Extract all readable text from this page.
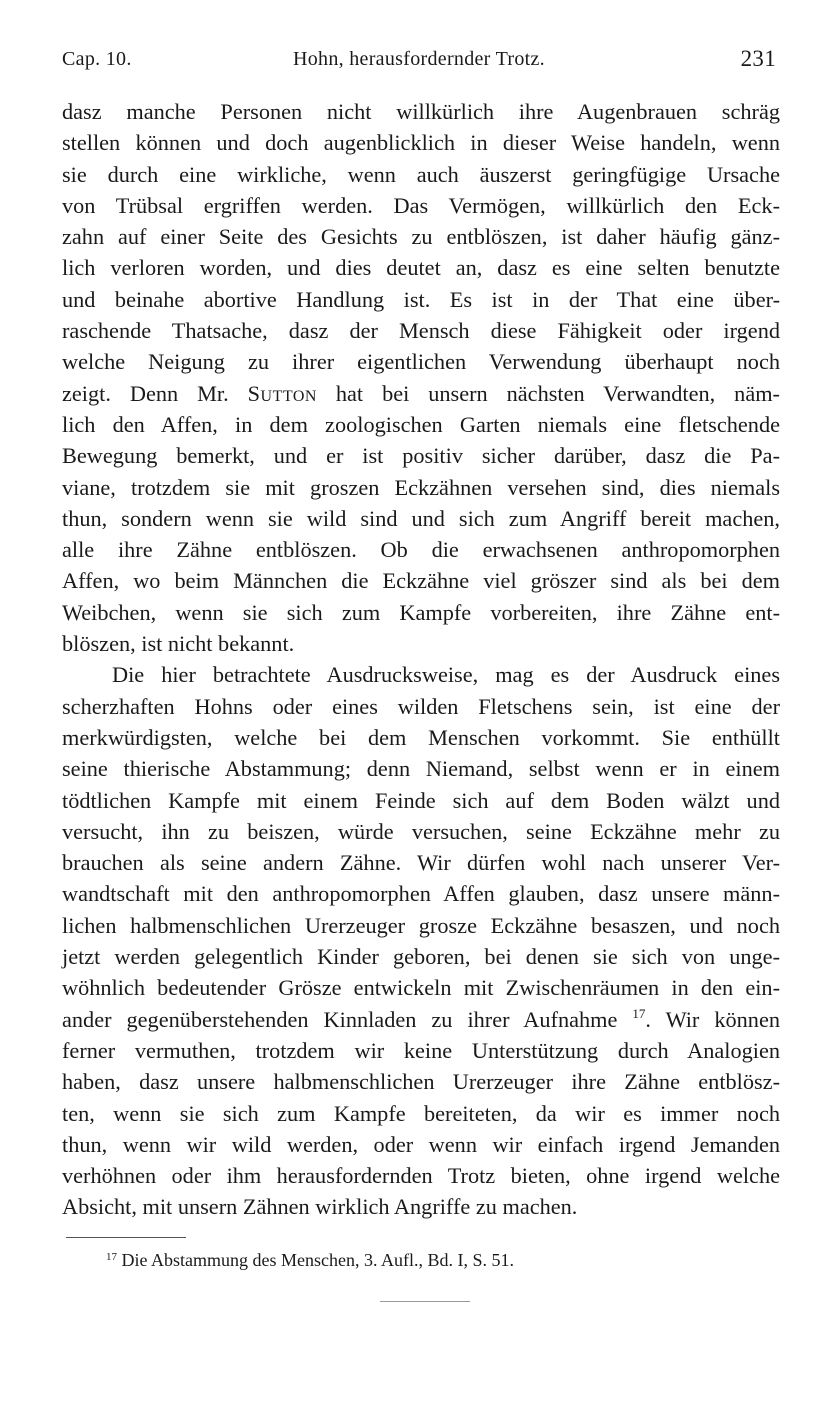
Cap. 10.	Hohn, herausfordernder Trotz.	231

dasz manche Personen nicht willkürlich ihre Augenbrauen schräg
stellen können und doch augenblicklich in dieser Weise handeln, wenn
sie durch eine wirkliche, wenn auch äuszerst geringfügige Ursache
von Trübsal ergriffen werden. Das Vermögen, willkürlich den Eck-
zahn auf einer Seite des Gesichts zu entblöszen, ist daher häufig gänz-
lich verloren worden, und dies deutet an, dasz es eine selten benutzte
und beinahe abortive Handlung ist. Es ist in der That eine über-
raschende Thatsache, dasz der Mensch diese Fähigkeit oder irgend
welche Neigung zu ihrer eigentlichen Verwendung überhaupt noch
zeigt. Denn Mr. Sutton hat bei unsern nächsten Verwandten, näm-
lich den Affen, in dem zoologischen Garten niemals eine fletschende
Bewegung bemerkt, und er ist positiv sicher darüber, dasz die Pa-
viane, trotzdem sie mit groszen Eckzähnen versehen sind, dies niemals
thun, sondern wenn sie wild sind und sich zum Angriff bereit machen,
alle ihre Zähne entblöszen. Ob die erwachsenen anthropomorphen
Affen, wo beim Männchen die Eckzähne viel gröszer sind als bei dem
Weibchen, wenn sie sich zum Kampfe vorbereiten, ihre Zähne ent-
blöszen, ist nicht bekannt.

Die hier betrachtete Ausdrucksweise, mag es der Ausdruck eines
scherzhaften Hohns oder eines wilden Fletschens sein, ist eine der
merkwürdigsten, welche bei dem Menschen vorkommt. Sie enthüllt
seine thierische Abstammung; denn Niemand, selbst wenn er in einem
tödtlichen Kampfe mit einem Feinde sich auf dem Boden wälzt und
versucht, ihn zu beiszen, würde versuchen, seine Eckzähne mehr zu
brauchen als seine andern Zähne. Wir dürfen wohl nach unserer Ver-
wandtschaft mit den anthropomorphen Affen glauben, dasz unsere männ-
lichen halbmenschlichen Urerzeuger grosze Eckzähne besaszen, und noch
jetzt werden gelegentlich Kinder geboren, bei denen sie sich von unge-
wöhnlich bedeutender Grösze entwickeln mit Zwischenräumen in den ein-
ander gegenüberstehenden Kinnladen zu ihrer Aufnahme $^{17}$. Wir können
ferner vermuthen, trotzdem wir keine Unterstützung durch Analogien
haben, dasz unsere halbmenschlichen Urerzeuger ihre Zähne entblösz-
ten, wenn sie sich zum Kampfe bereiteten, da wir es immer noch
thun, wenn wir wild werden, oder wenn wir einfach irgend Jemanden
verhöhnen oder ihm herausfordernden Trotz bieten, ohne irgend welche
Absicht, mit unsern Zähnen wirklich Angriffe zu machen.

$^{17}$ Die Abstammung des Menschen, 3. Aufl., Bd. I, S. 51.
